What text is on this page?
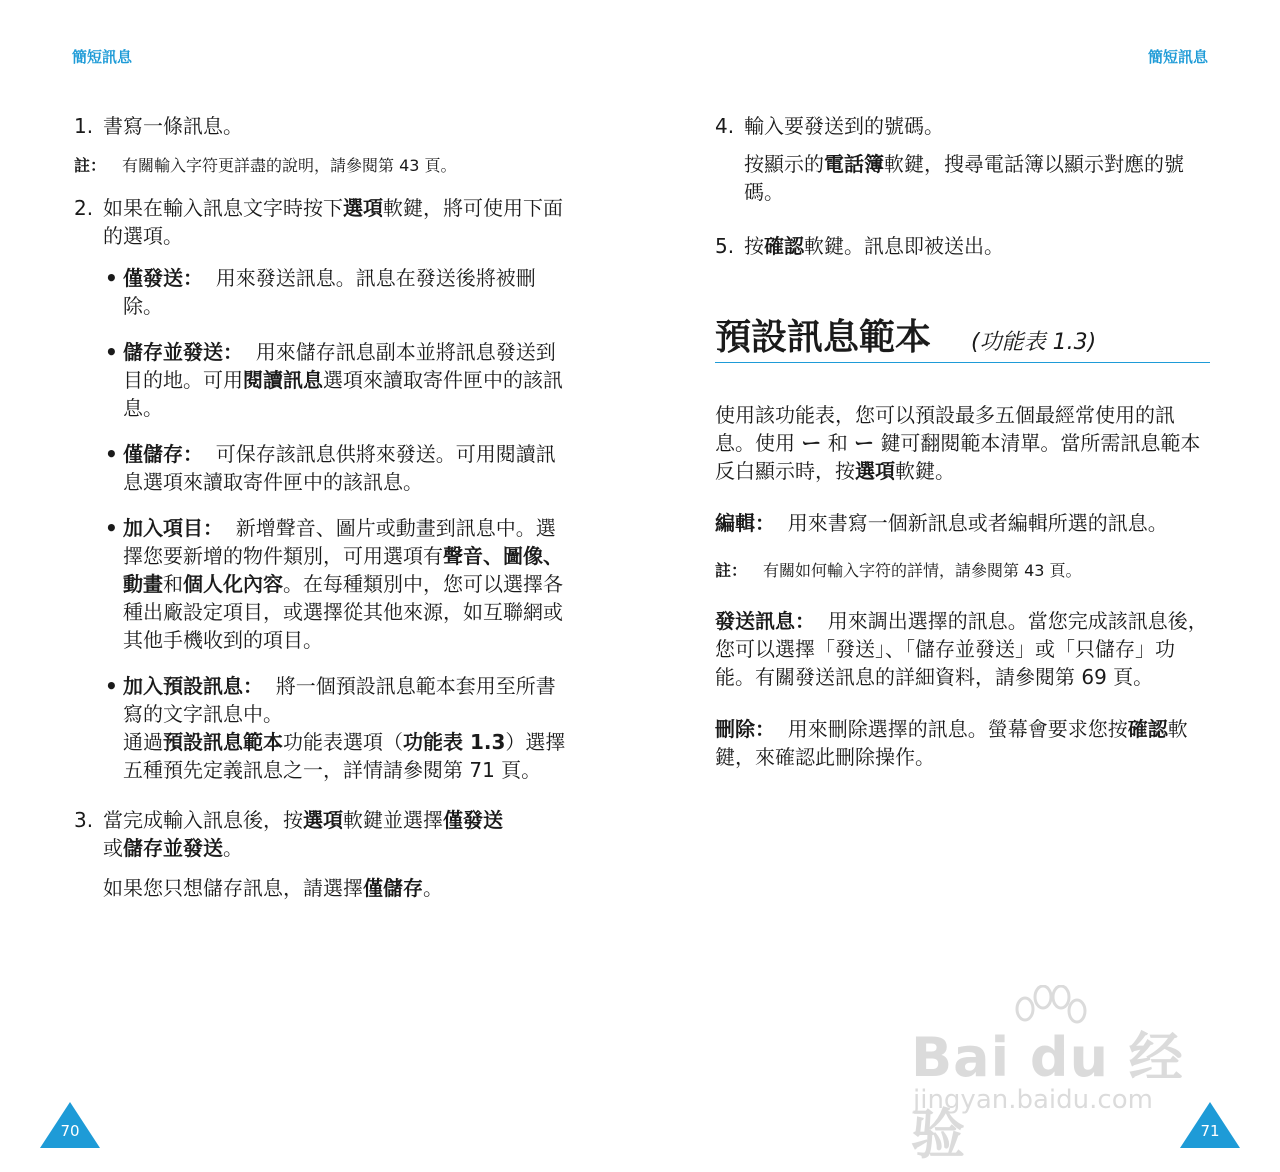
簡短訊息	簡短訊息

1. 書寫一條訊息。

註： 有關輸入字符更詳盡的說明，請參閱第 43 頁。

2. 如果在輸入訊息文字時按下選項軟鍵，將可使用下面的選項。

• 僅發送： 用來發送訊息。訊息在發送後將被刪除。
• 儲存並發送： 用來儲存訊息副本並將訊息發送到目的地。可用閱讀訊息選項來讀取寄件匣中的該訊息。
• 僅儲存： 可保存該訊息供將來發送。可用閱讀訊息選項來讀取寄件匣中的該訊息。
• 加入項目： 新增聲音、圖片或動畫到訊息中。選擇您要新增的物件類別，可用選項有聲音、圖像、動畫和個人化內容。在每種類別中，您可以選擇各種出廠設定項目，或選擇從其他來源，如互聯網或其他手機收到的項目。
• 加入預設訊息： 將一個預設訊息範本套用至所書寫的文字訊息中。
通過預設訊息範本功能表選項（功能表 1.3）選擇五種預先定義訊息之一，詳情請參閱第 71 頁。

3. 當完成輸入訊息後，按選項軟鍵並選擇僅發送
或儲存並發送。

如果您只想儲存訊息，請選擇僅儲存。

4. 輸入要發送到的號碼。

按顯示的電話簿軟鍵，搜尋電話簿以顯示對應的號碼。

5. 按確認軟鍵。訊息即被送出。

預設訊息範本 (功能表 1.3)

使用該功能表，您可以預設最多五個最經常使用的訊息。使用 ー 和 ー 鍵可翻閱範本清單。當所需訊息範本反白顯示時，按選項軟鍵。

編輯： 用來書寫一個新訊息或者編輯所選的訊息。

註： 有關如何輸入字符的詳情，請參閱第 43 頁。

發送訊息： 用來調出選擇的訊息。當您完成該訊息後，您可以選擇「發送」、「儲存並發送」或「只儲存」功能。有關發送訊息的詳細資料，請參閱第 69 頁。

刪除： 用來刪除選擇的訊息。螢幕會要求您按確認軟鍵，來確認此刪除操作。

70	71
Bai du 经验
jingyan.baidu.com
